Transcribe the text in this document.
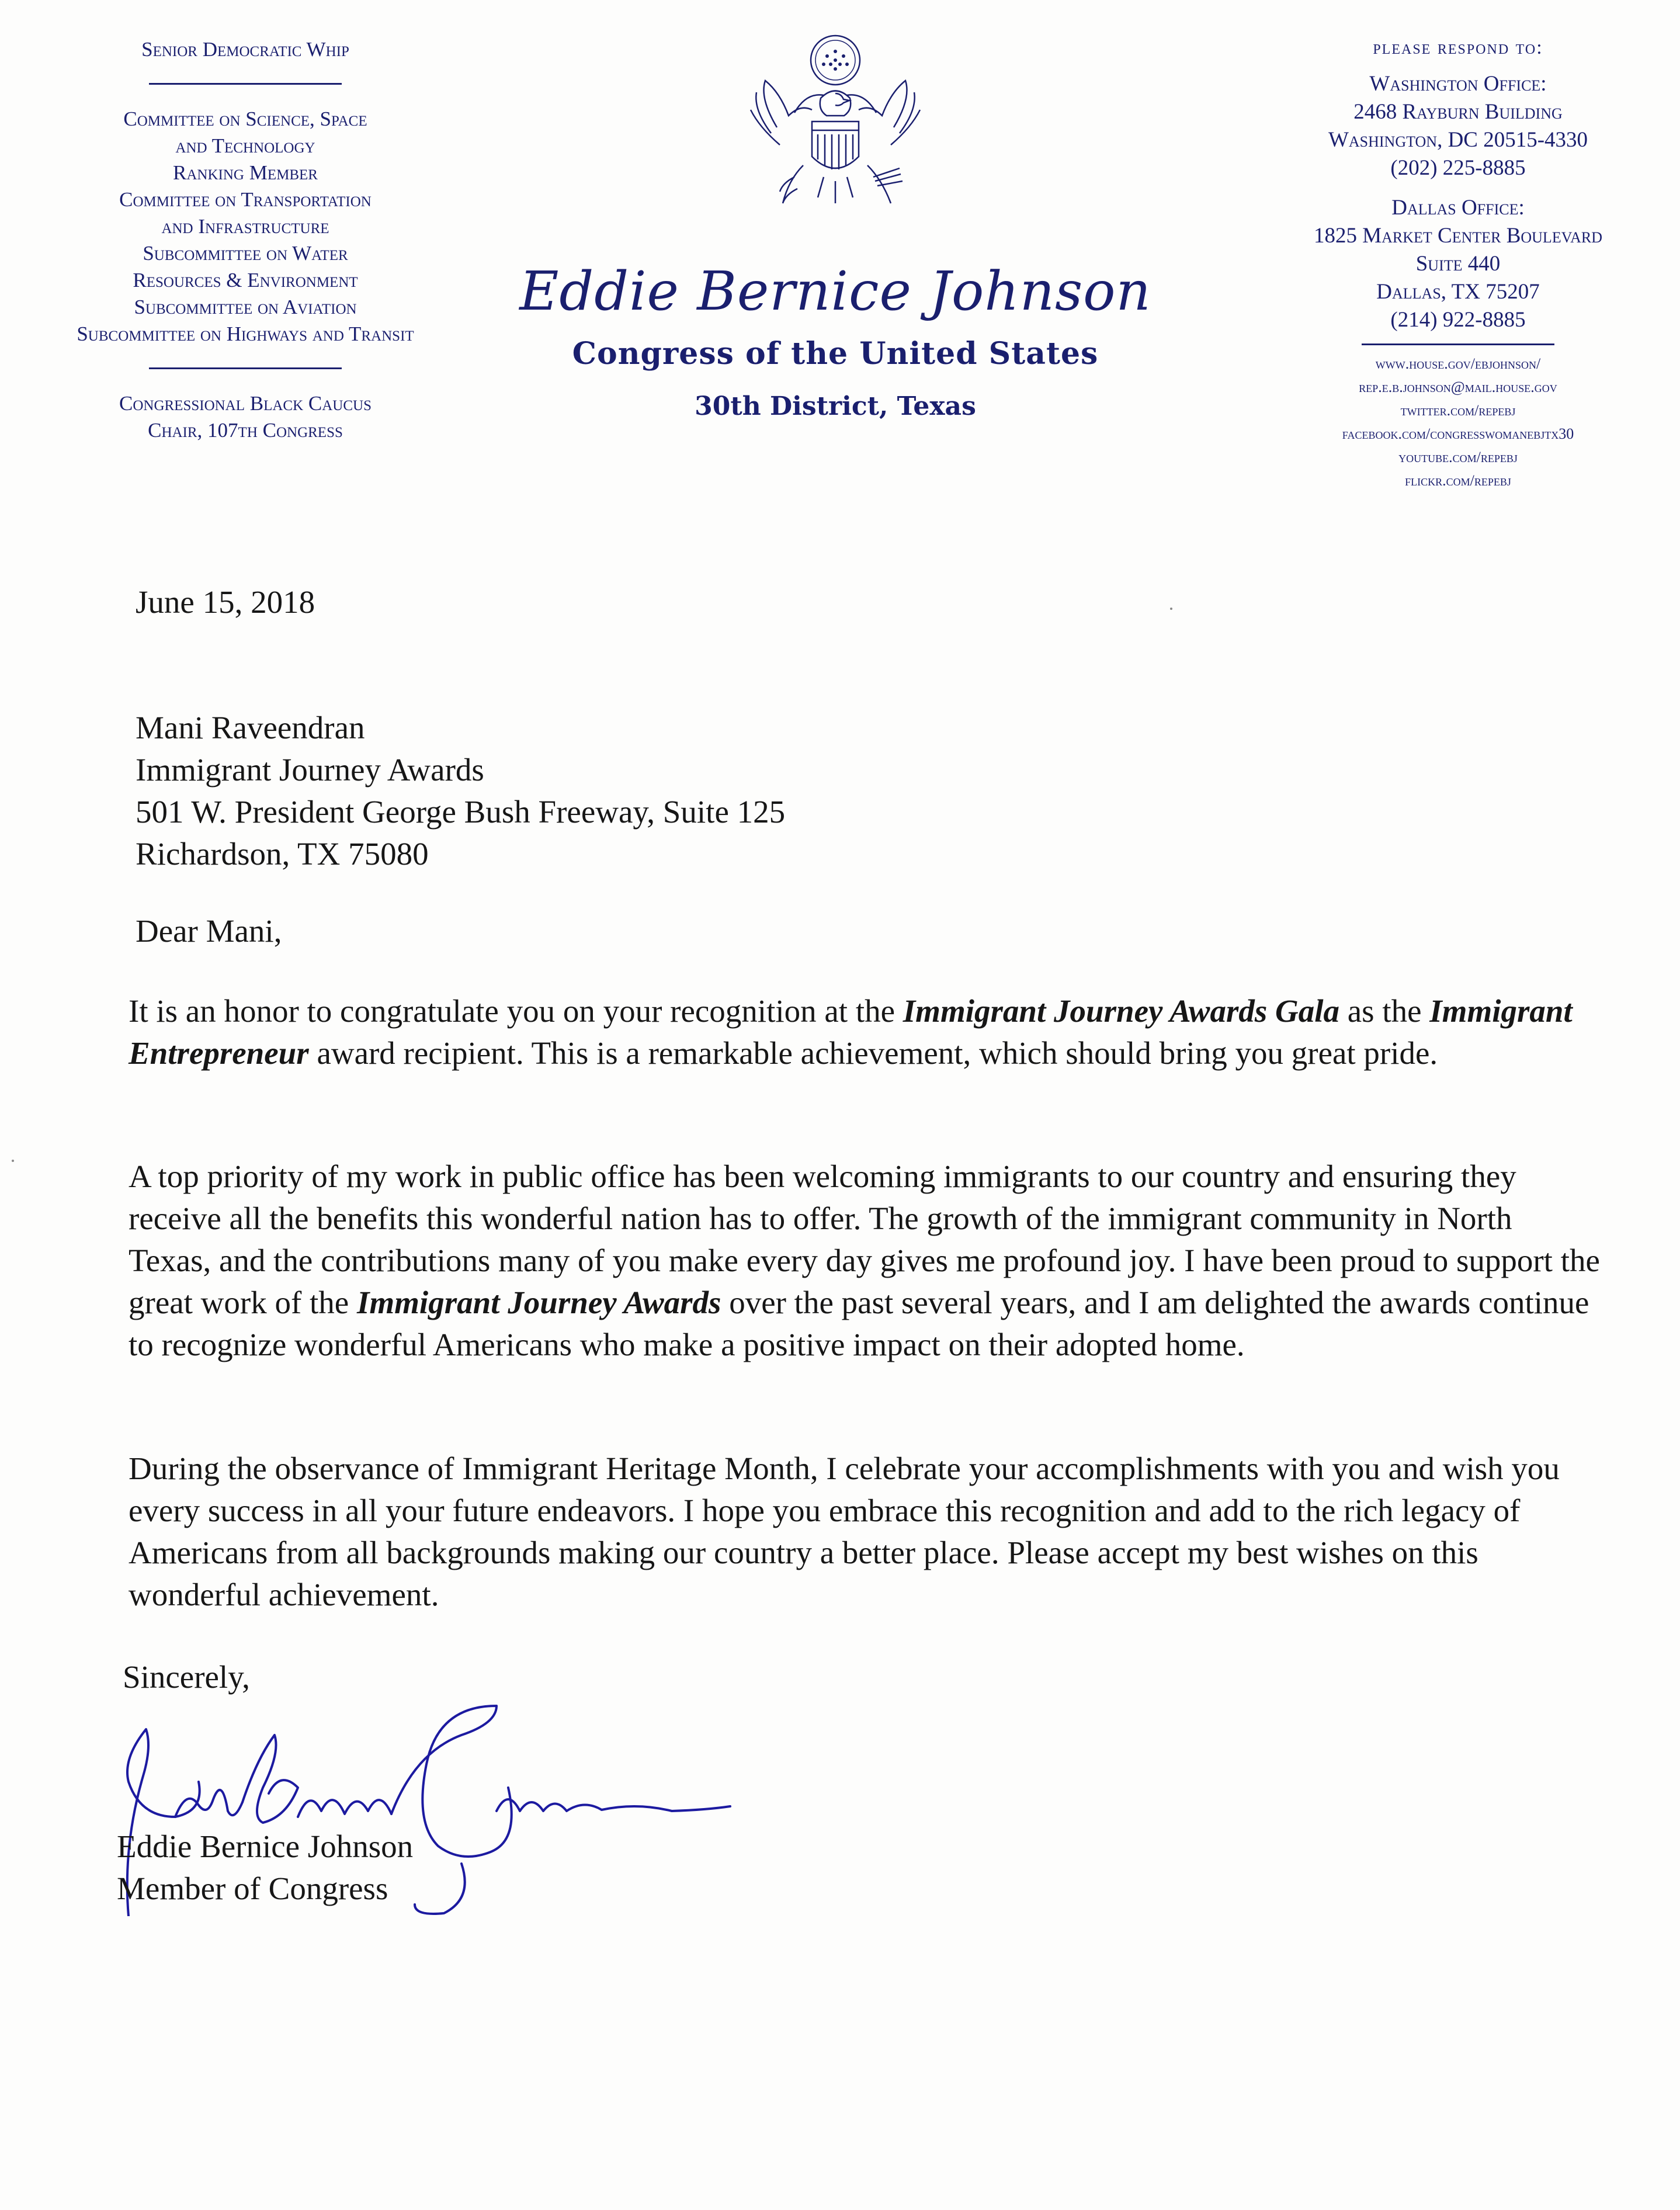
Senior Democratic Whip
Committee on Science, Space
and Technology
Ranking Member
Committee on Transportation
and Infrastructure
Subcommittee on Water
Resources & Environment
Subcommittee on Aviation
Subcommittee on Highways and Transit
Congressional Black Caucus
Chair, 107th Congress
Eddie Bernice Johnson
Congress of the United States
30th District, Texas
please respond to:
Washington Office:
2468 Rayburn Building
Washington, DC 20515-4330
(202) 225-8885
Dallas Office:
1825 Market Center Boulevard
Suite 440
Dallas, TX 75207
(214) 922-8885
www.house.gov/ebjohnson/
rep.e.b.johnson@mail.house.gov
twitter.com/repebj
facebook.com/congresswomanebjtx30
youtube.com/repebj
flickr.com/repebj
June 15, 2018
Mani Raveendran
Immigrant Journey Awards
501 W. President George Bush Freeway, Suite 125
Richardson, TX 75080
Dear Mani,
It is an honor to congratulate you on your recognition at the Immigrant Journey Awards Gala as the Immigrant Entrepreneur award recipient. This is a remarkable achievement, which should bring you great pride.
A top priority of my work in public office has been welcoming immigrants to our country and ensuring they receive all the benefits this wonderful nation has to offer. The growth of the immigrant community in North Texas, and the contributions many of you make every day gives me profound joy. I have been proud to support the great work of the Immigrant Journey Awards over the past several years, and I am delighted the awards continue to recognize wonderful Americans who make a positive impact on their adopted home.
During the observance of Immigrant Heritage Month, I celebrate your accomplishments with you and wish you every success in all your future endeavors. I hope you embrace this recognition and add to the rich legacy of Americans from all backgrounds making our country a better place. Please accept my best wishes on this wonderful achievement.
Sincerely,
Eddie Bernice Johnson
Member of Congress
